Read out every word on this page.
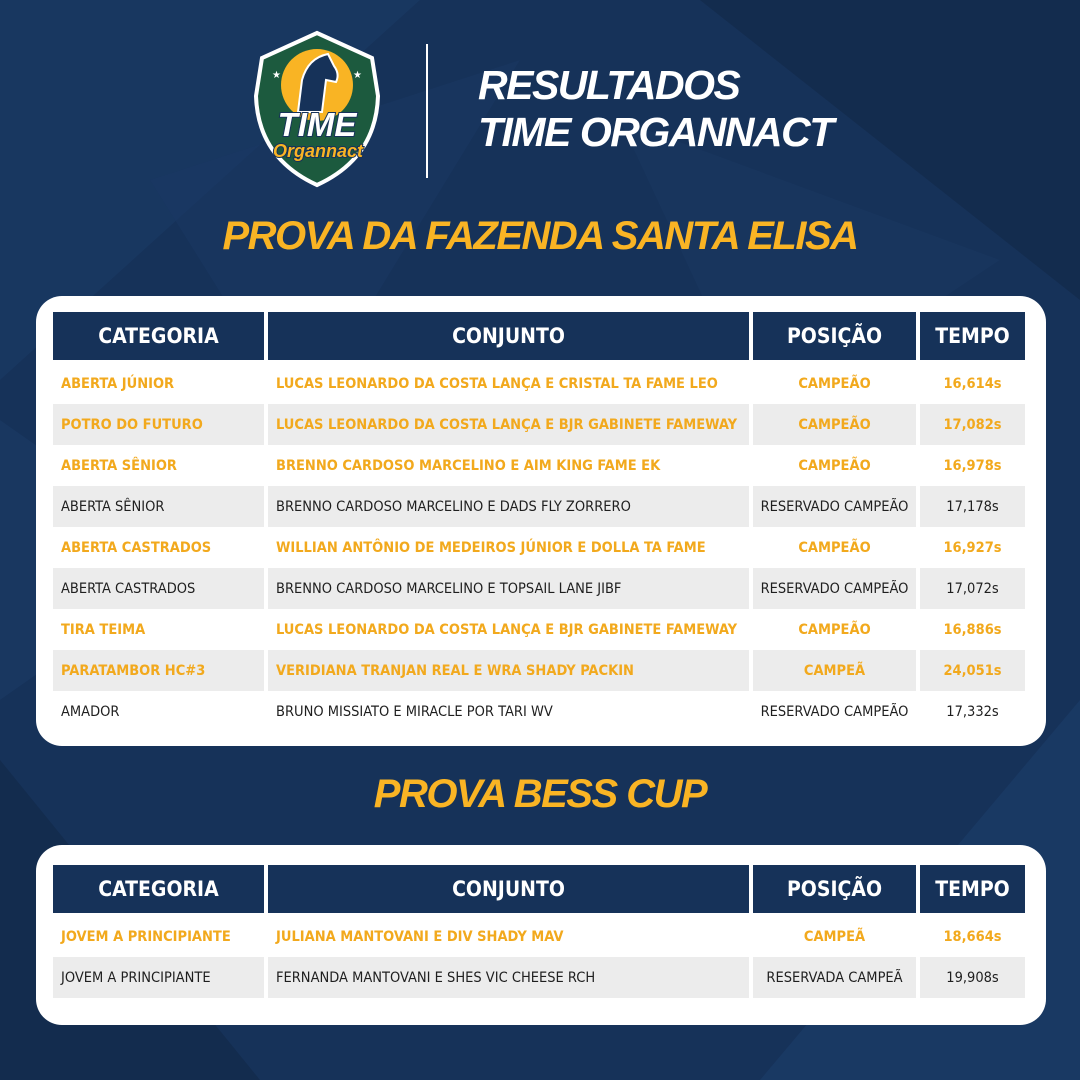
★	★
TIME
Organnact
RESULTADOS
TIME ORGANNACT
PROVA DA FAZENDA SANTA ELISA
CATEGORIA	CONJUNTO	POSIÇÃO	TEMPO
ABERTA JÚNIOR	LUCAS LEONARDO DA COSTA LANÇA E CRISTAL TA FAME LEO	CAMPEÃO	16,614s
POTRO DO FUTURO	LUCAS LEONARDO DA COSTA LANÇA E BJR GABINETE FAMEWAY	CAMPEÃO	17,082s
ABERTA SÊNIOR	BRENNO CARDOSO MARCELINO E AIM KING FAME EK	CAMPEÃO	16,978s
ABERTA SÊNIOR	BRENNO CARDOSO MARCELINO E DADS FLY ZORRERO	RESERVADO CAMPEÃO	17,178s
ABERTA CASTRADOS	WILLIAN ANTÔNIO DE MEDEIROS JÚNIOR E DOLLA TA FAME	CAMPEÃO	16,927s
ABERTA CASTRADOS	BRENNO CARDOSO MARCELINO E TOPSAIL LANE JIBF	RESERVADO CAMPEÃO	17,072s
TIRA TEIMA	LUCAS LEONARDO DA COSTA LANÇA E BJR GABINETE FAMEWAY	CAMPEÃO	16,886s
PARATAMBOR HC#3	VERIDIANA TRANJAN REAL E WRA SHADY PACKIN	CAMPEÃ	24,051s
AMADOR	BRUNO MISSIATO E MIRACLE POR TARI WV	RESERVADO CAMPEÃO	17,332s
PROVA BESS CUP
CATEGORIA	CONJUNTO	POSIÇÃO	TEMPO
JOVEM A PRINCIPIANTE	JULIANA MANTOVANI E DIV SHADY MAV	CAMPEÃ	18,664s
JOVEM A PRINCIPIANTE	FERNANDA MANTOVANI E SHES VIC CHEESE RCH	RESERVADA CAMPEÃ	19,908s
